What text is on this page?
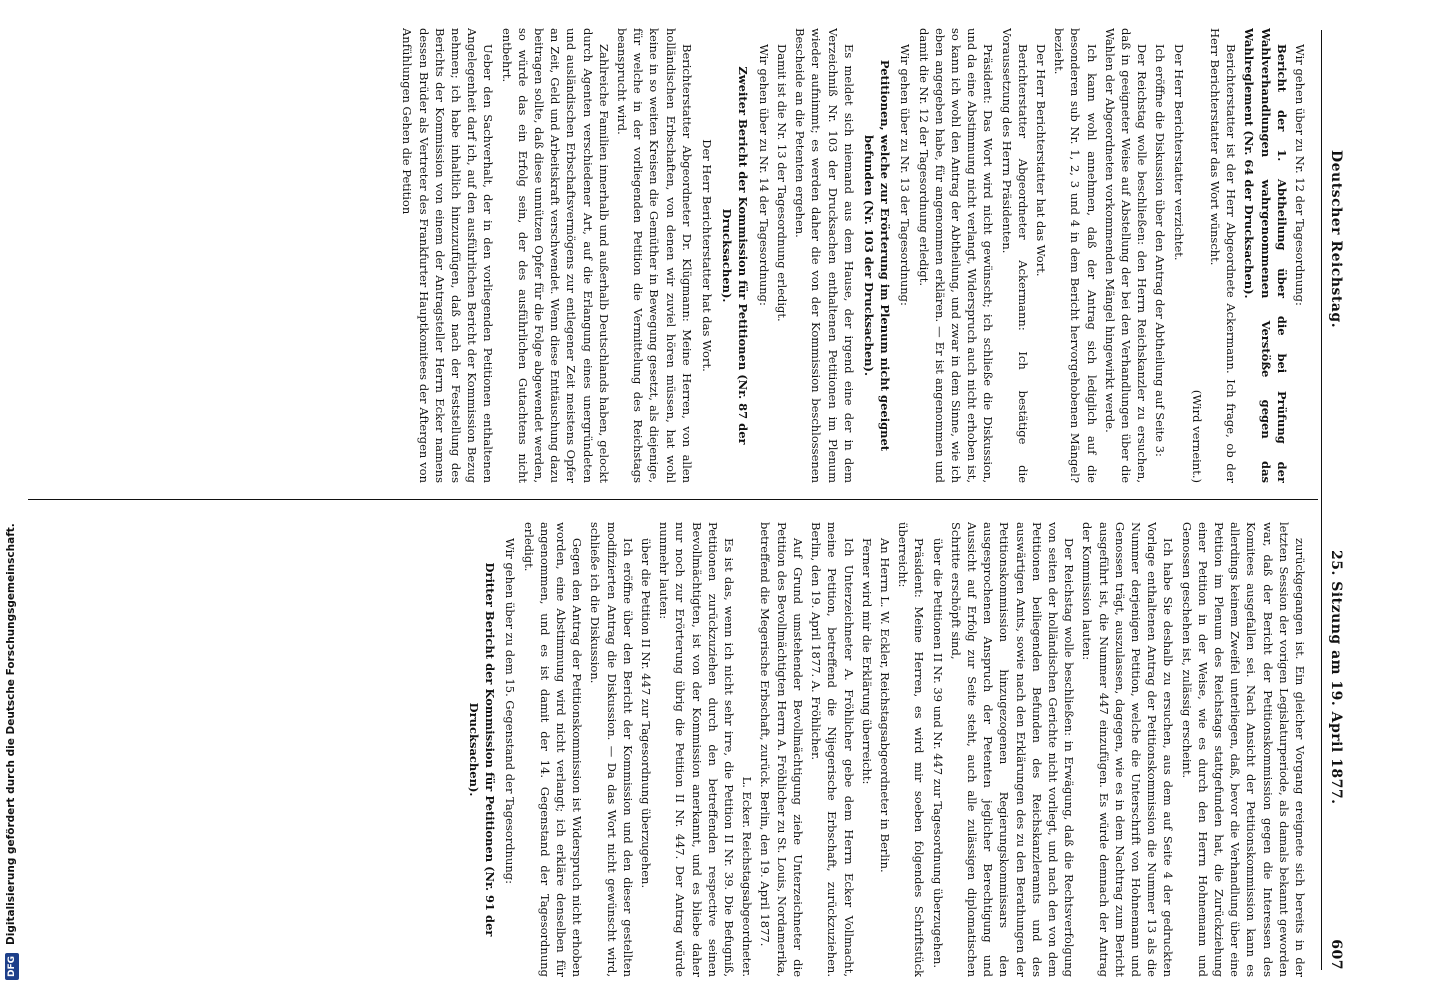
Deutscher Reichstag.
25. Sitzung am 19. April 1877.
607

Wir gehen über zu Nr. 12 der Tagesordnung:

Bericht der 1. Abtheilung über die bei Prüfung der Wahlverhandlungen wahrgenommenen Verstöße gegen das Wahlreglement (Nr. 64 der Drucksachen).

Berichterstatter ist der Herr Abgeordnete Ackermann. Ich frage, ob der Herr Berichterstatter das Wort wünscht.

(Wird verneint.)

Der Herr Berichterstatter verzichtet.

Ich eröffne die Diskussion über den Antrag der Abtheilung auf Seite 3:

Der Reichstag wolle beschließen: den Herrn Reichskanzler zu ersuchen, daß in geeigneter Weise auf Abstellung der bei den Verhandlungen über die Wahlen der Abgeordneten vorkommenden Mängel hingewirkt werde.

Ich kann wohl annehmen, daß der Antrag sich lediglich auf die besonderen sub Nr. 1, 2, 3 und 4 in dem Bericht hervorgehobenen Mängel? bezieht.

Der Herr Berichterstatter hat das Wort.

Berichterstatter Abgeordneter Ackermann: Ich bestätige die Voraussetzung des Herrn Präsidenten.

Präsident: Das Wort wird nicht gewünscht; ich schließe die Diskussion, und da eine Abstimmung nicht verlangt, Widerspruch auch nicht erhoben ist, so kann ich wohl den Antrag der Abtheilung, und zwar in dem Sinne, wie ich eben angegeben habe, für angenommen erklären. — Er ist angenommen und damit die Nr. 12 der Tagesordnung erledigt.

Wir gehen über zu Nr. 13 der Tagesordnung:

Petitionen, welche zur Erörterung im Plenum nicht geeignet befunden (Nr. 103 der Drucksachen).

Es meldet sich niemand aus dem Hause, der irgend eine der in dem Verzeichniß Nr. 103 der Drucksachen enthaltenen Petitionen im Plenum wieder aufnimmt; es werden daher die von der Kommission beschlossenen Bescheide an die Petenten ergehen.

Damit ist die Nr. 13 der Tagesordnung erledigt.

Wir gehen über zu Nr. 14 der Tagesordnung:

Zweiter Bericht der Kommission für Petitionen (Nr. 87 der Drucksachen).

Der Herr Berichterstatter hat das Wort.

Berichterstatter Abgeordneter Dr. Klügmann: Meine Herren, von allen holländischen Erbschaften, von denen wir zuviel hören müssen, hat wohl keine in so weiten Kreisen die Gemüther in Bewegung gesetzt, als diejenige, für welche in der vorliegenden Petition die Vermittelung des Reichstags beansprucht wird.

Zahlreiche Familien innerhalb und außerhalb Deutschlands haben, gelockt durch Agenten verschiedener Art, auf die Erlangung eines unergründeten und ausländischen Erbschaftsvermögens zur entlegener Zeit meistens Opfer an Zeit, Geld und Arbeitskraft verschwendet. Wenn diese Enttäuschung dazu beitragen sollte, daß diese unnützen Opfer für die Folge abgewendet werden, so würde das ein Erfolg sein, der des ausführlichen Gutachtens nicht entbehrt.

Ueber den Sachverhalt, der in den vorliegenden Petitionen enthaltenen Angelegenheit darf ich, auf den ausführlichen Bericht der Kommission Bezug nehmen; ich habe inhaltlich hinzuzufügen, daß nach der Feststellung des Berichts der Kommission von einem der Antragsteller Herrn Ecker namens dessen Brüder als Vertreter des Frankfurter Hauptkomitees der Aftergen von Anfühlungen Gehen die Petition

zurückgegangen ist. Ein gleicher Vorgang ereignete sich bereits in der letzten Session der vorigen Legislaturperiode, als damals bekannt geworden war, daß der Bericht der Petitionskommission gegen die Interessen des Komitees ausgefallen sei. Nach Ansicht der Petitionskommission kann es allerdings keinem Zweifel unterliegen, daß, bevor die Verhandlung über eine Petition im Plenum des Reichstags stattgefunden hat, die Zurückziehung einer Petition in der Weise, wie es durch den Herrn Hohnemann und Genossen geschehen ist, zulässig erscheint.

Ich habe Sie deshalb zu ersuchen, aus dem auf Seite 4 der gedruckten Vorlage enthaltenen Antrag der Petitionskommission die Nummer 13 als die Nummer derjenigen Petition, welche die Unterschrift von Hohnemann und Genossen trägt, auszulassen, dagegen, wie es in dem Nachtrag zum Bericht ausgeführt ist, die Nummer 447 einzufügen. Es würde demnach der Antrag der Kommission lauten:

Der Reichstag wolle beschließen: in Erwägung, daß die Rechtsverfolgung von seiten der holländischen Gerichte nicht vorliegt, und nach den von dem Petitionen beiliegenden Befunden des Reichskanzleramts und des auswärtigen Amts, sowie nach den Erklärungen des zu den Berathungen der Petitionskommission hinzugezogenen Regierungskommissars den ausgesprochenen Anspruch der Petenten jeglicher Berechtigung und Aussicht auf Erfolg zur Seite steht, auch alle zulässigen diplomatischen Schritte erschöpft sind,

über die Petitionen II Nr. 39 und Nr. 447 zur Tagesordnung überzugehen.

Präsident: Meine Herren, es wird mir soeben folgendes Schriftstück überreicht:

An Herrn L. W. Eckler, Reichstagsabgeordneter in Berlin.

Ferner wird mir die Erklärung überreicht:

Ich Unterzeichneter A. Fröhlicher gebe dem Herrn Ecker Vollmacht, meine Petition, betreffend die Nijegerische Erbschaft, zurückzuziehen. Berlin, den 19. April 1877. A. Fröhlicher.

Auf Grund umstehender Bevollmächtigung ziehe Unterzeichneter die Petition des Bevollmächtigten Herrn A. Fröhlicher zu St. Louis, Nordamerika, betreffend die Megerische Erbschaft, zurück. Berlin, den 19. April 1877.

L. Ecker. Reichstagsabgeordneter.

Es ist das, wenn ich nicht sehr irre, die Petition II Nr. 39. Die Befugniß, Petitionen zurückzuziehen durch den betreffenden respective seinen Bevollmächtigten, ist von der Kommission anerkannt, und es bliebe daher nur noch zur Erörterung übrig die Petition II Nr. 447. Der Antrag würde nunmehr lauten:

über die Petition II Nr. 447 zur Tagesordnung überzugehen.

Ich eröffne über den Bericht der Kommission und den dieser gestellten modifizierten Antrag die Diskussion. — Da das Wort nicht gewünscht wird, schließe ich die Diskussion.

Gegen den Antrag der Petitionskommission ist Widerspruch nicht erhoben worden, eine Abstimmung wird nicht verlangt; ich erkläre denselben für angenommen, und es ist damit der 14. Gegenstand der Tagesordnung erledigt.

Wir gehen über zu dem 15. Gegenstand der Tagesordnung:

Dritter Bericht der Kommission für Petitionen (Nr. 91 der Drucksachen).

DFGDigitalisierung gefördert durch die Deutsche Forschungsgemeinschaft.
